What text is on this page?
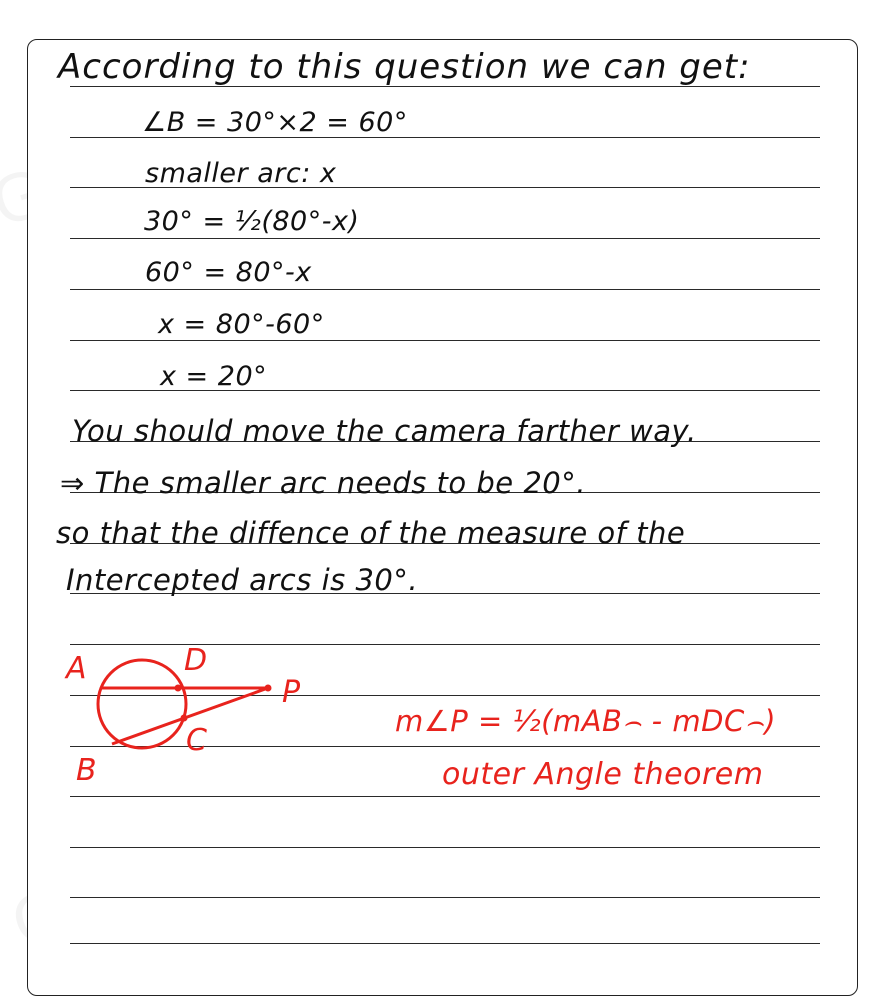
According to this question we can get:
∠B = 30°×2 = 60°
smaller arc: x
30° = ½(80°-x)
60° = 80°-x
x = 80°-60°
x = 20°
You should move the camera farther way.
⇒ The smaller arc needs to be 20°.
so that the diffence of the measure of the
Intercepted arcs is 30°.
A	D
P
C
B
m∠P = ½(mAB⌢ - mDC⌢)
outer Angle theorem
